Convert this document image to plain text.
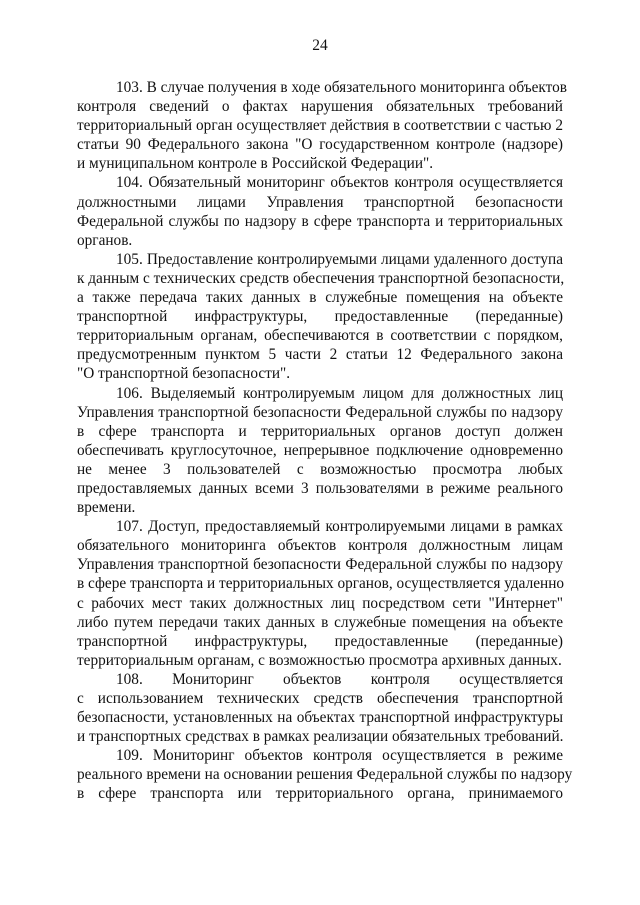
24
103. В случае получения в ходе обязательного мониторинга объектов
контроля сведений о фактах нарушения обязательных требований
территориальный орган осуществляет действия в соответствии с частью 2
статьи 90 Федерального закона "О государственном контроле (надзоре)
и муниципальном контроле в Российской Федерации".
104. Обязательный мониторинг объектов контроля осуществляется
должностными лицами Управления транспортной безопасности
Федеральной службы по надзору в сфере транспорта и территориальных
органов.
105. Предоставление контролируемыми лицами удаленного доступа
к данным с технических средств обеспечения транспортной безопасности,
а также передача таких данных в служебные помещения на объекте
транспортной инфраструктуры, предоставленные (переданные)
территориальным органам, обеспечиваются в соответствии с порядком,
предусмотренным пунктом 5 части 2 статьи 12 Федерального закона
"О транспортной безопасности".
106. Выделяемый контролируемым лицом для должностных лиц
Управления транспортной безопасности Федеральной службы по надзору
в сфере транспорта и территориальных органов доступ должен
обеспечивать круглосуточное, непрерывное подключение одновременно
не менее 3 пользователей с возможностью просмотра любых
предоставляемых данных всеми 3 пользователями в режиме реального
времени.
107. Доступ, предоставляемый контролируемыми лицами в рамках
обязательного мониторинга объектов контроля должностным лицам
Управления транспортной безопасности Федеральной службы по надзору
в сфере транспорта и территориальных органов, осуществляется удаленно
с рабочих мест таких должностных лиц посредством сети "Интернет"
либо путем передачи таких данных в служебные помещения на объекте
транспортной инфраструктуры, предоставленные (переданные)
территориальным органам, с возможностью просмотра архивных данных.
108. Мониторинг объектов контроля осуществляется
с использованием технических средств обеспечения транспортной
безопасности, установленных на объектах транспортной инфраструктуры
и транспортных средствах в рамках реализации обязательных требований.
109. Мониторинг объектов контроля осуществляется в режиме
реального времени на основании решения Федеральной службы по надзору
в сфере транспорта или территориального органа, принимаемого
